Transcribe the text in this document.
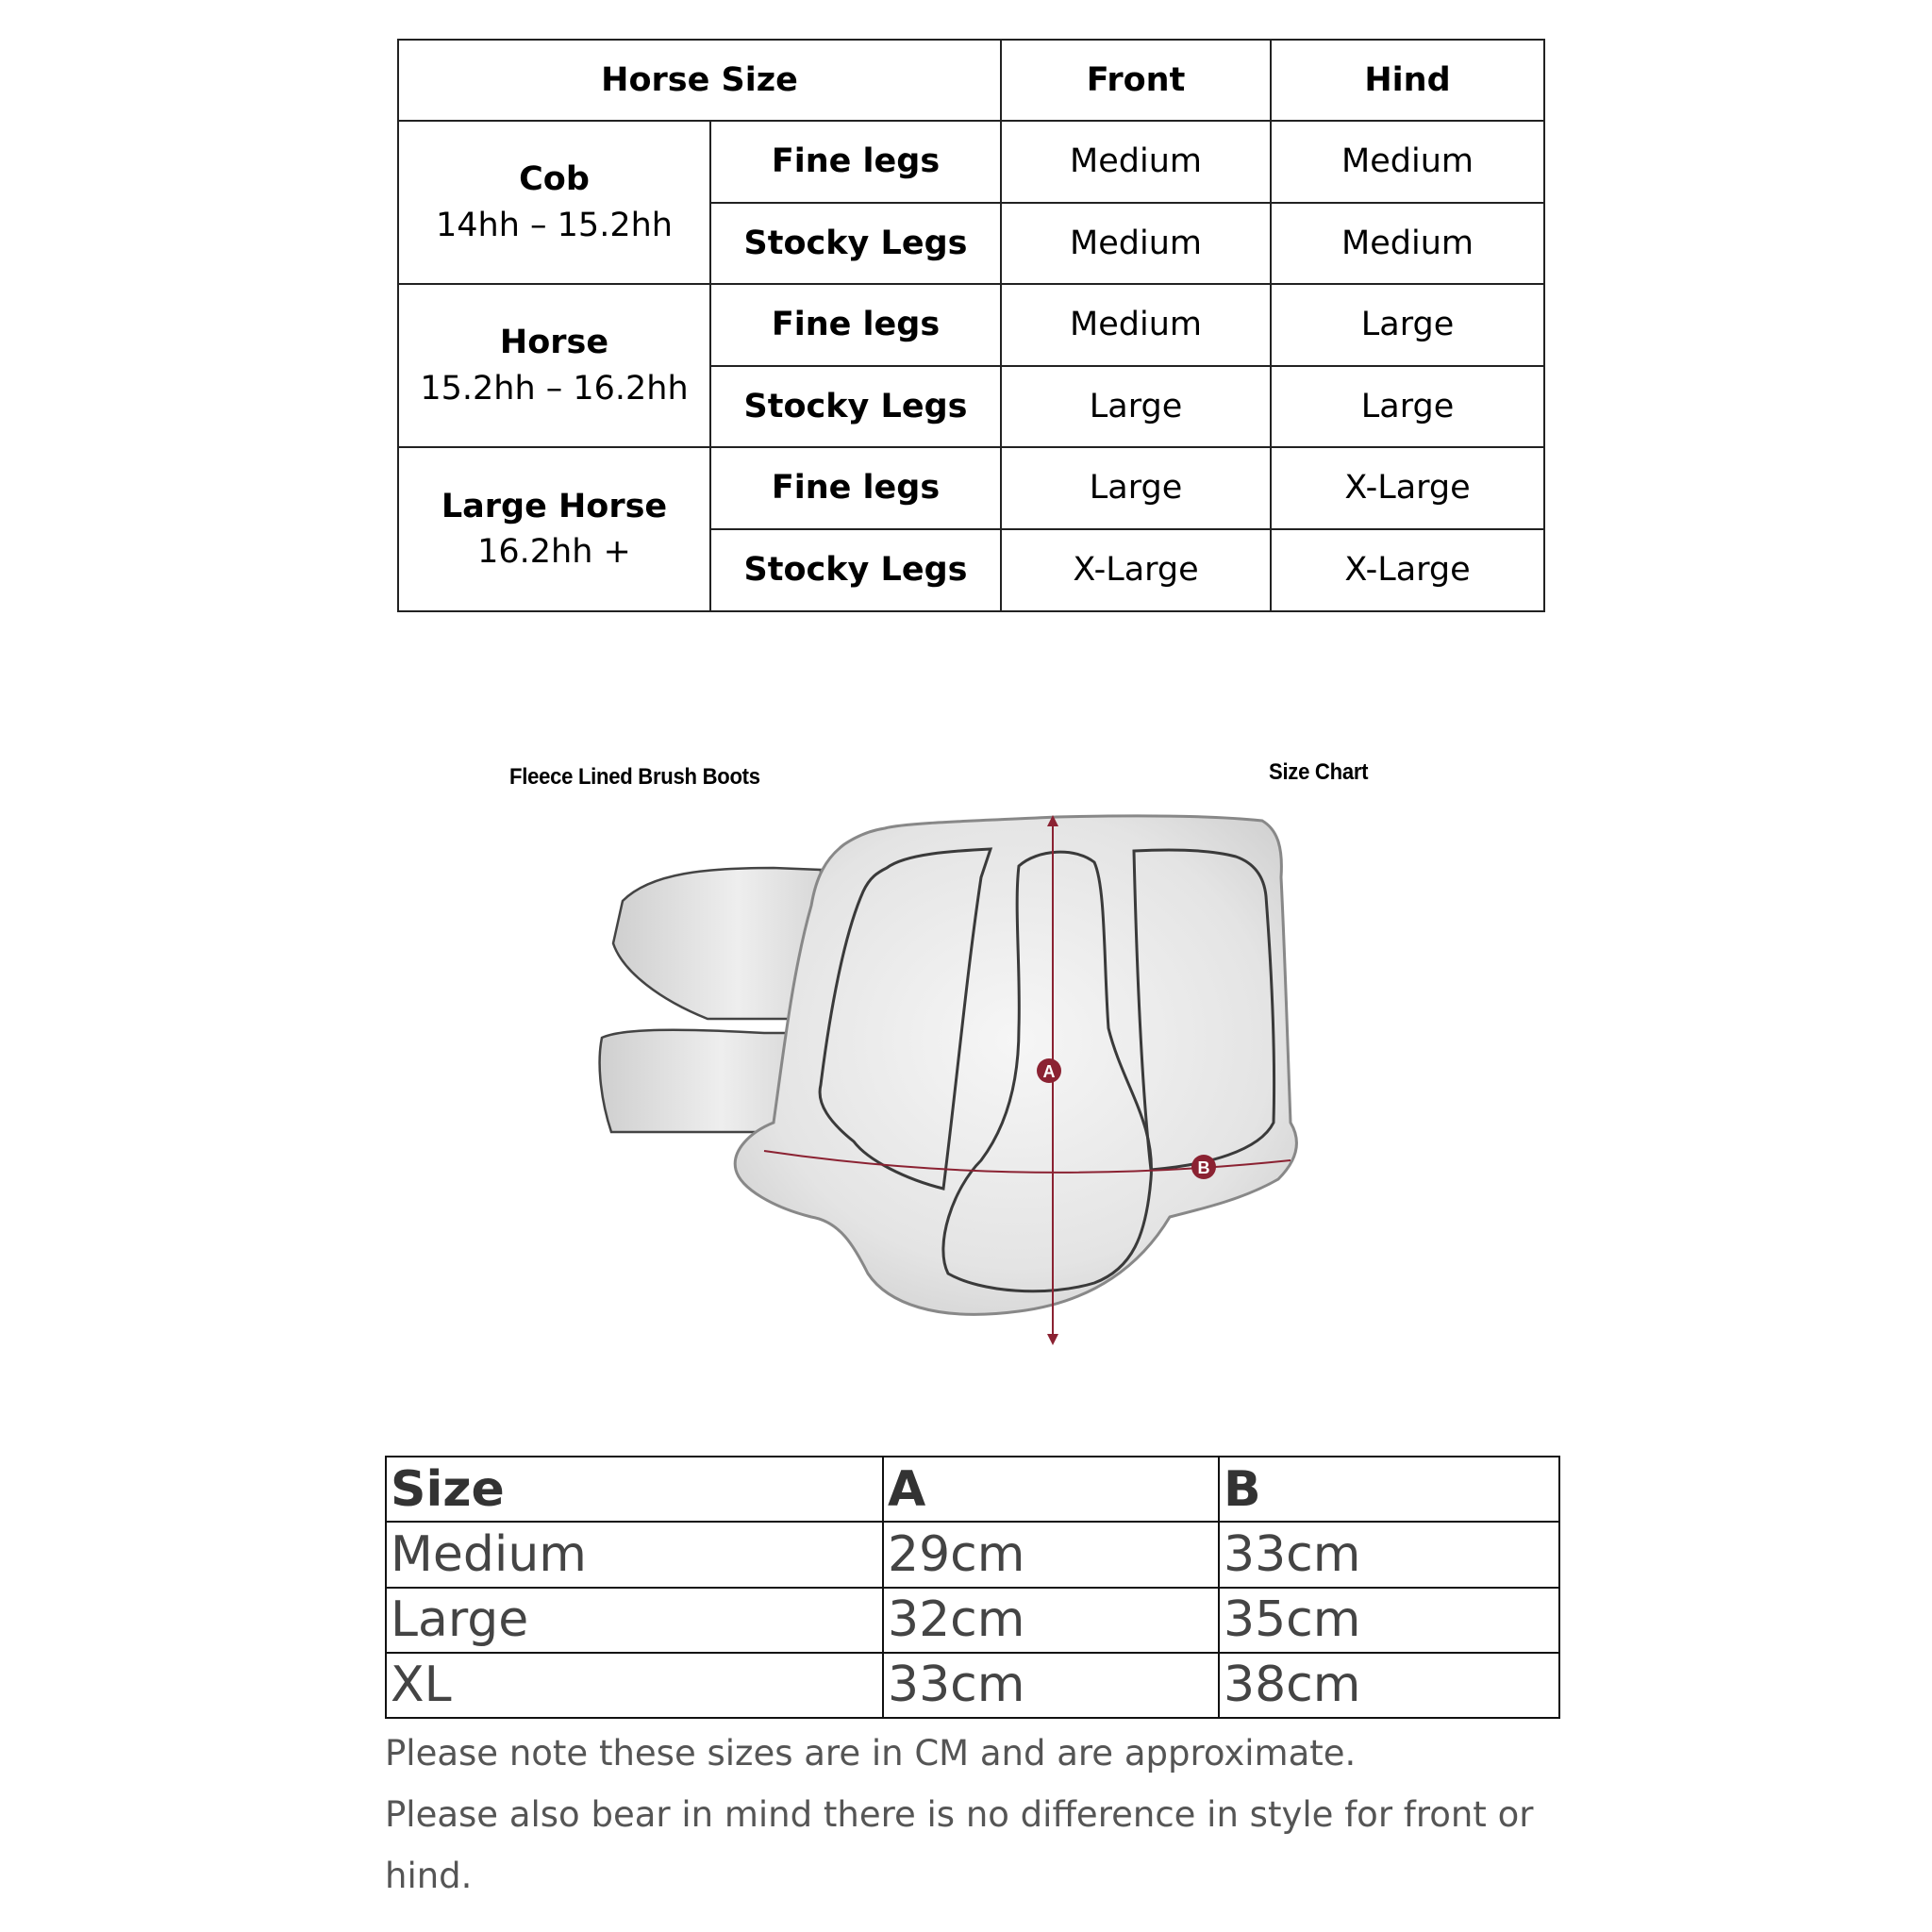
Horse Size		Front	Hind

Cob
14hh – 15.2hh	Fine legs	Medium	Medium
	Stocky Legs	Medium	Medium

Horse
15.2hh – 16.2hh	Fine legs	Medium	Large
	Stocky Legs	Large	Large

Large Horse
16.2hh +	Fine legs	Large	X-Large
	Stocky Legs	X-Large	X-Large
Fleece Lined Brush Boots	Size Chart
A
B
Size	A	B
Medium	29cm	33cm
Large	32cm	35cm
XL	33cm	38cm

Please note these sizes are in CM and are approximate.

Please also bear in mind there is no difference in style for front or hind.
